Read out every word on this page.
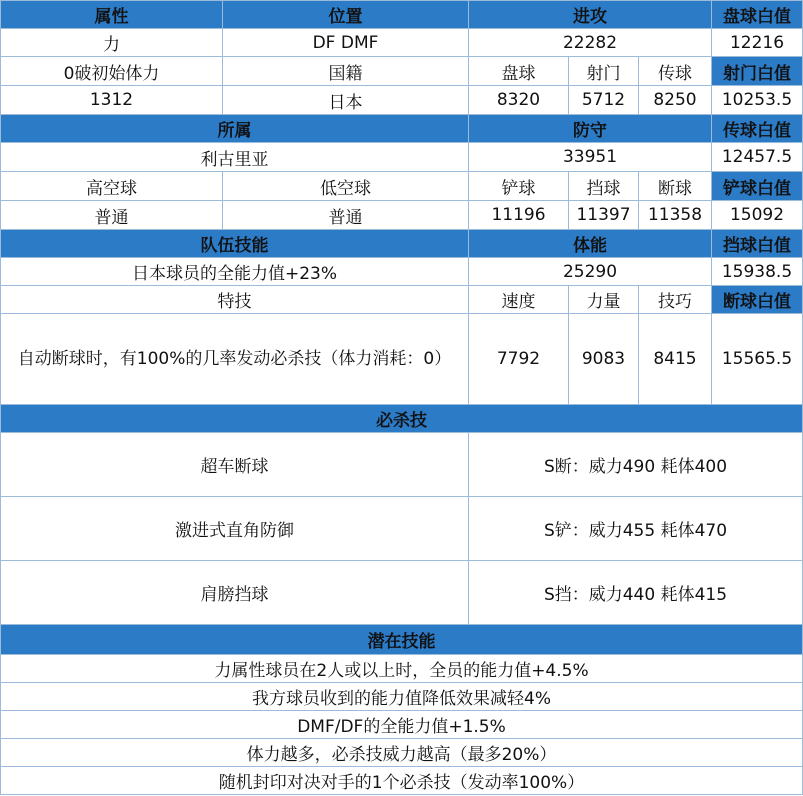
属性	位置	进攻			盘球白值
力	DF DMF	22282			12216
0破初始体力	国籍	盘球	射门	传球	射门白值
1312	日本	8320	5712	8250	10253.5
所属		防守			传球白值
利古里亚		33951			12457.5
高空球	低空球	铲球	挡球	断球	铲球白值
普通	普通	11196	11397	11358	15092
队伍技能		体能			挡球白值
日本球员的全能力值+23%		25290			15938.5
特技		速度	力量	技巧	断球白值
自动断球时，有100%的几率发动必杀技（体力消耗：0）		7792	9083	8415	15565.5
必杀技					
超车断球		S断：威力490 耗体400			
激进式直角防御		S铲：威力455 耗体470			
肩膀挡球		S挡：威力440 耗体415			
潜在技能					
力属性球员在2人或以上时，全员的能力值+4.5%					
我方球员收到的能力值降低效果减轻4%					
DMF/DF的全能力值+1.5%					
体力越多，必杀技威力越高（最多20%）					
随机封印对决对手的1个必杀技（发动率100%）					
